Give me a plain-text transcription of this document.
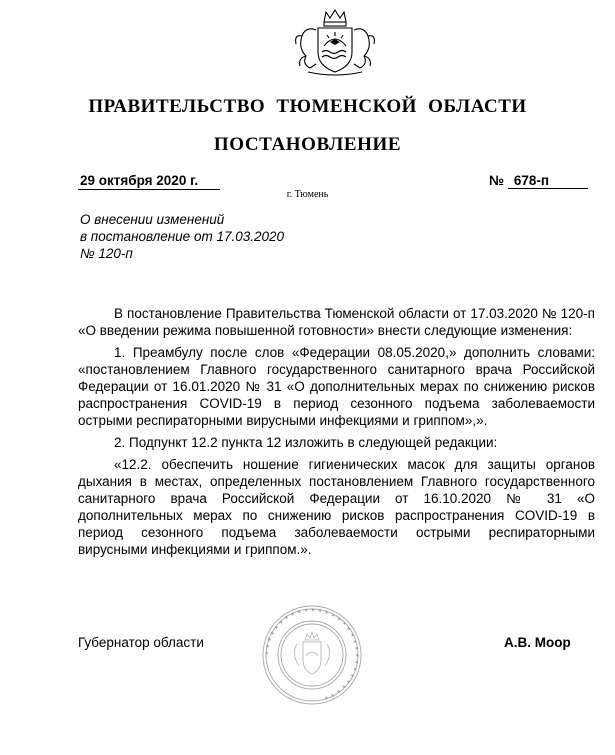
ПРАВИТЕЛЬСТВО ТЮМЕНСКОЙ ОБЛАСТИ
ПОСТАНОВЛЕНИЕ
29 октября 2020 г.	№ 678-п
г. Тюмень
О внесении изменений
в постановление от 17.03.2020
№ 120-п

В постановление Правительства Тюменской области от 17.03.2020 № 120-п «О введении режима повышенной готовности» внести следующие изменения:

1. Преамбулу после слов «Федерации 08.05.2020,» дополнить словами: «постановлением Главного государственного санитарного врача Российской Федерации от 16.01.2020 № 31 «О дополнительных мерах по снижению рисков распространения COVID-19 в период сезонного подъема заболеваемости острыми респираторными вирусными инфекциями и гриппом»,».

2. Подпункт 12.2 пункта 12 изложить в следующей редакции:

«12.2. обеспечить ношение гигиенических масок для защиты органов дыхания в местах, определенных постановлением Главного государственного санитарного врача Российской Федерации от 16.10.2020 № 31 «О дополнительных мерах по снижению рисков распространения COVID-19 в период сезонного подъема заболеваемости острыми респираторными вирусными инфекциями и гриппом.».

* * * * * * * * * * * * * * * * * * * * * * * * * * * * *
Губернатор области	А.В. Моор
